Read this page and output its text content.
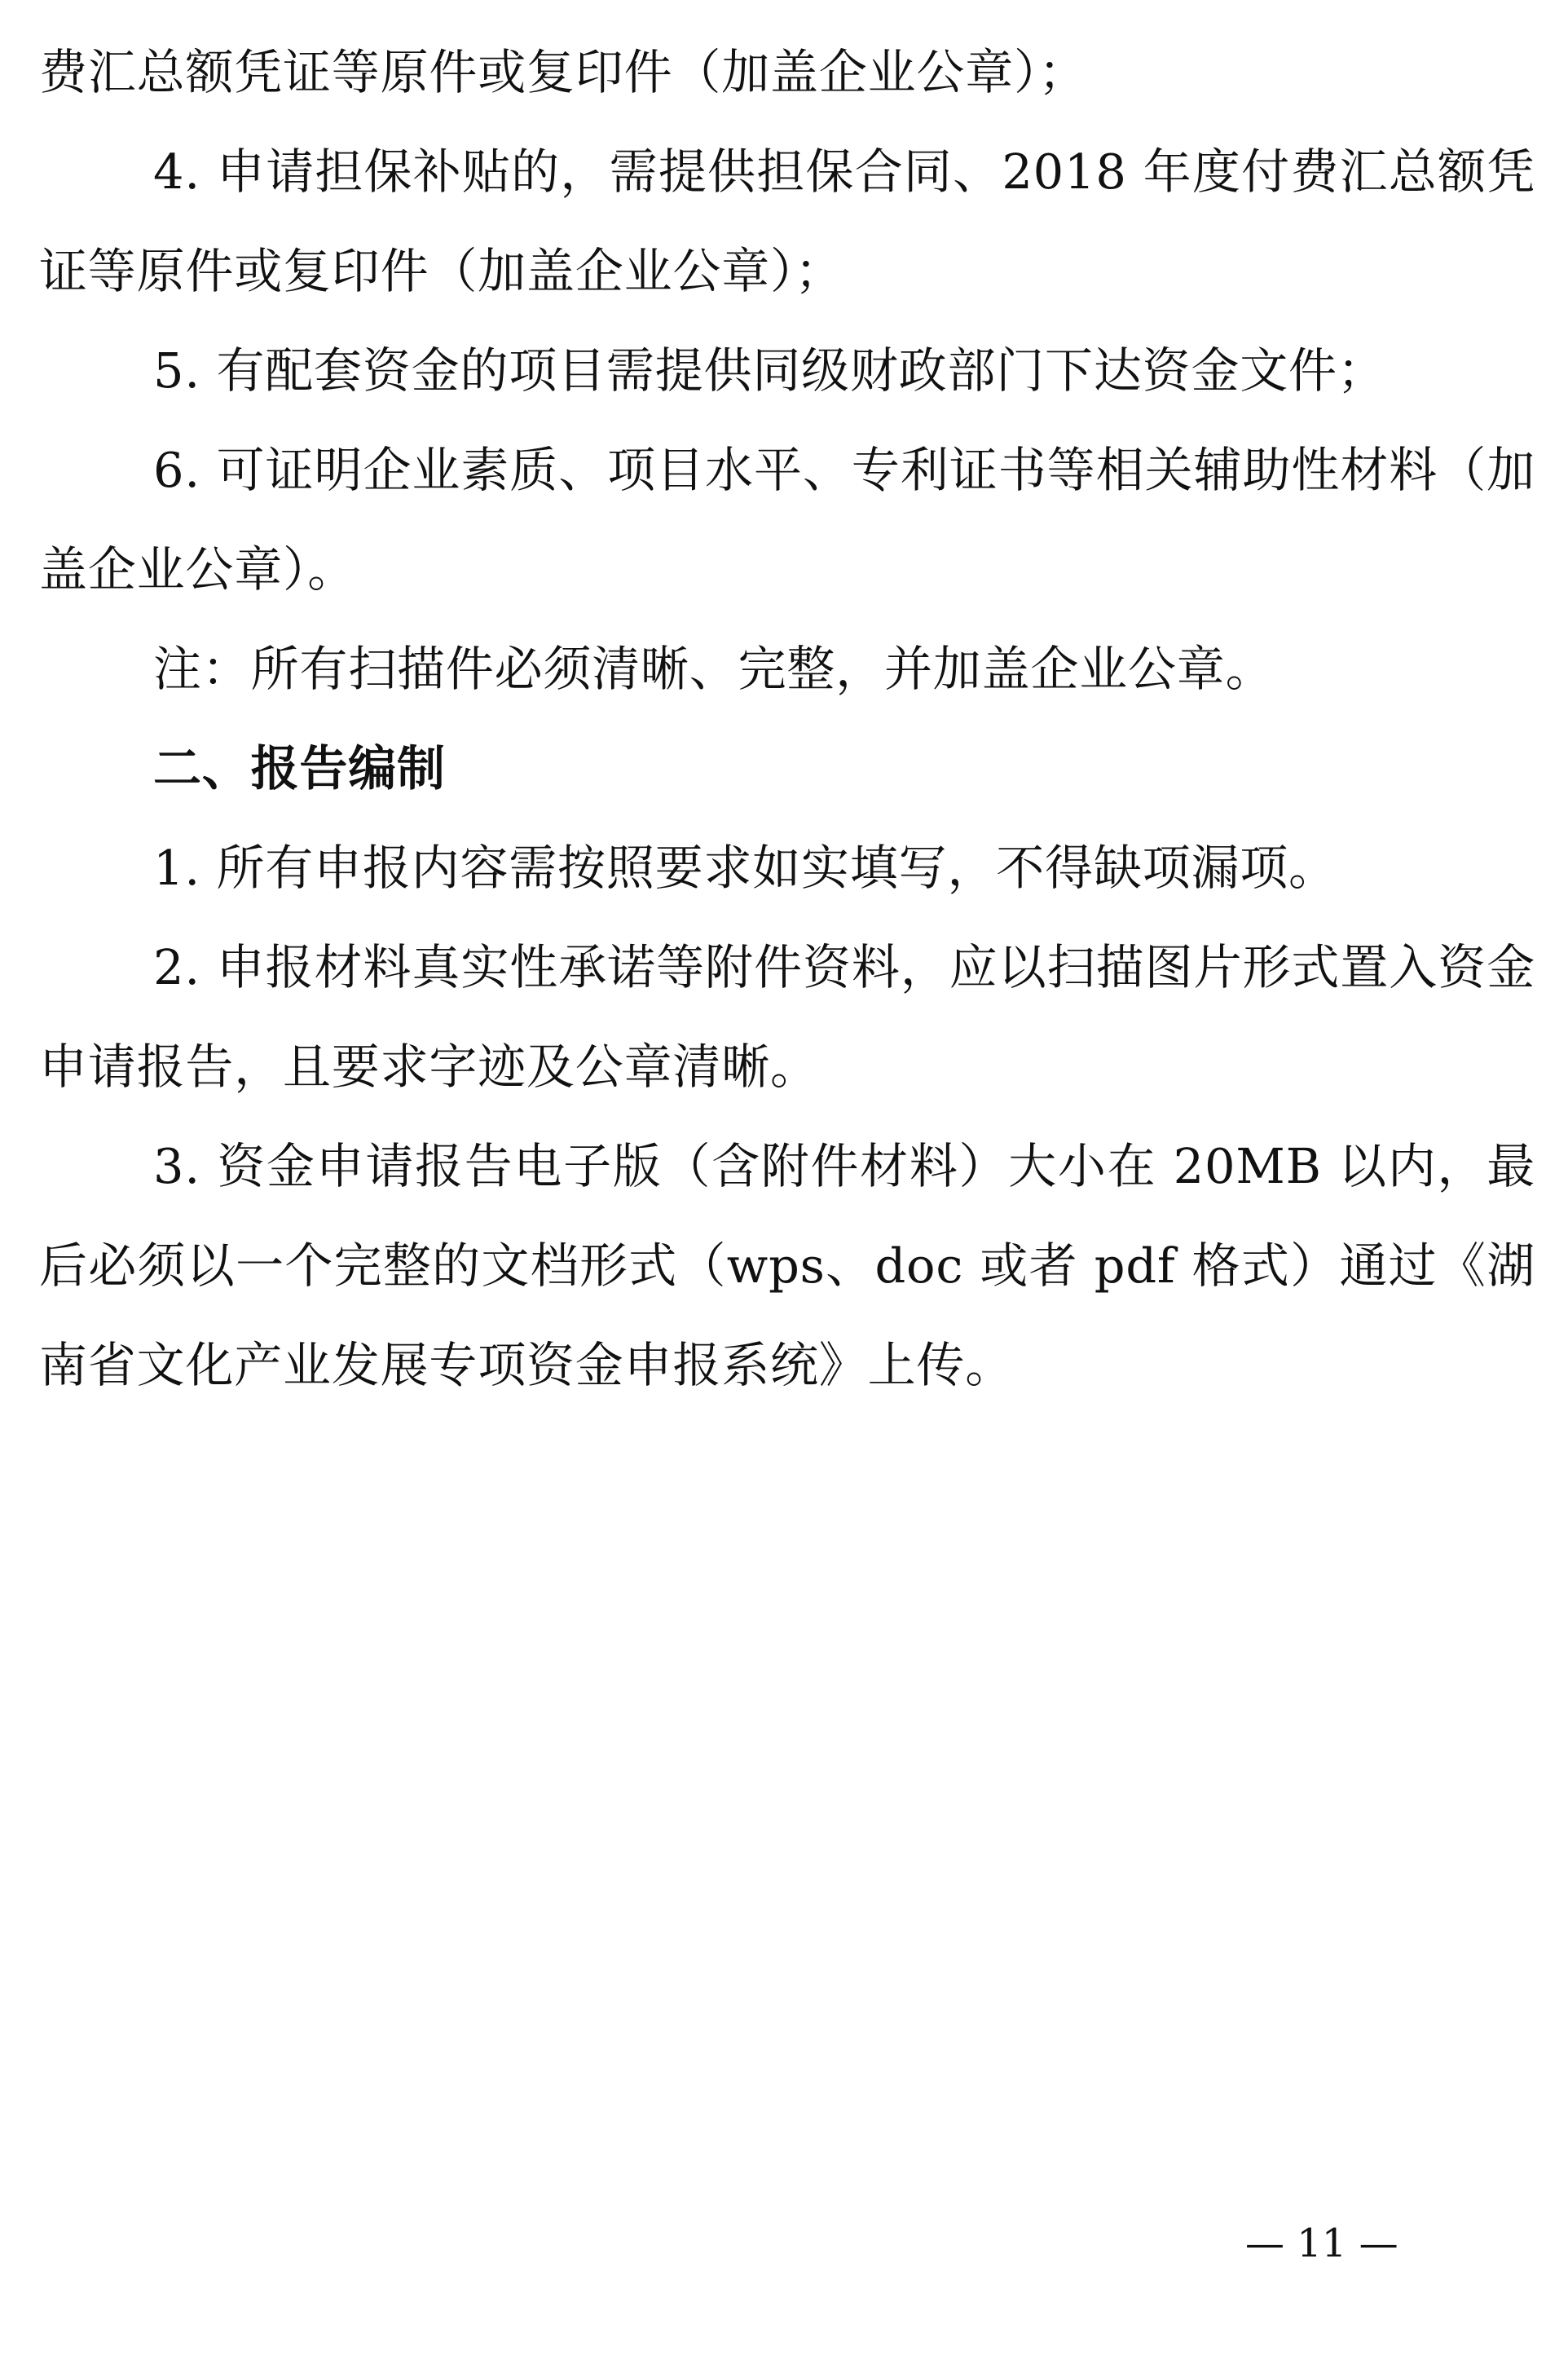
费汇总额凭证等原件或复印件（加盖企业公章）；

4. 申请担保补贴的，需提供担保合同、2018 年度付费汇总额凭证等原件或复印件（加盖企业公章）；

5. 有配套资金的项目需提供同级财政部门下达资金文件；

6. 可证明企业素质、项目水平、专利证书等相关辅助性材料（加盖企业公章）。

注：所有扫描件必须清晰、完整，并加盖企业公章。

二、报告编制

1. 所有申报内容需按照要求如实填写，不得缺项漏项。

2. 申报材料真实性承诺等附件资料，应以扫描图片形式置入资金申请报告，且要求字迹及公章清晰。

3. 资金申请报告电子版（含附件材料）大小在 20MB 以内，最后必须以一个完整的文档形式（wps、doc 或者 pdf 格式）通过《湖南省文化产业发展专项资金申报系统》上传。

— 11 —
